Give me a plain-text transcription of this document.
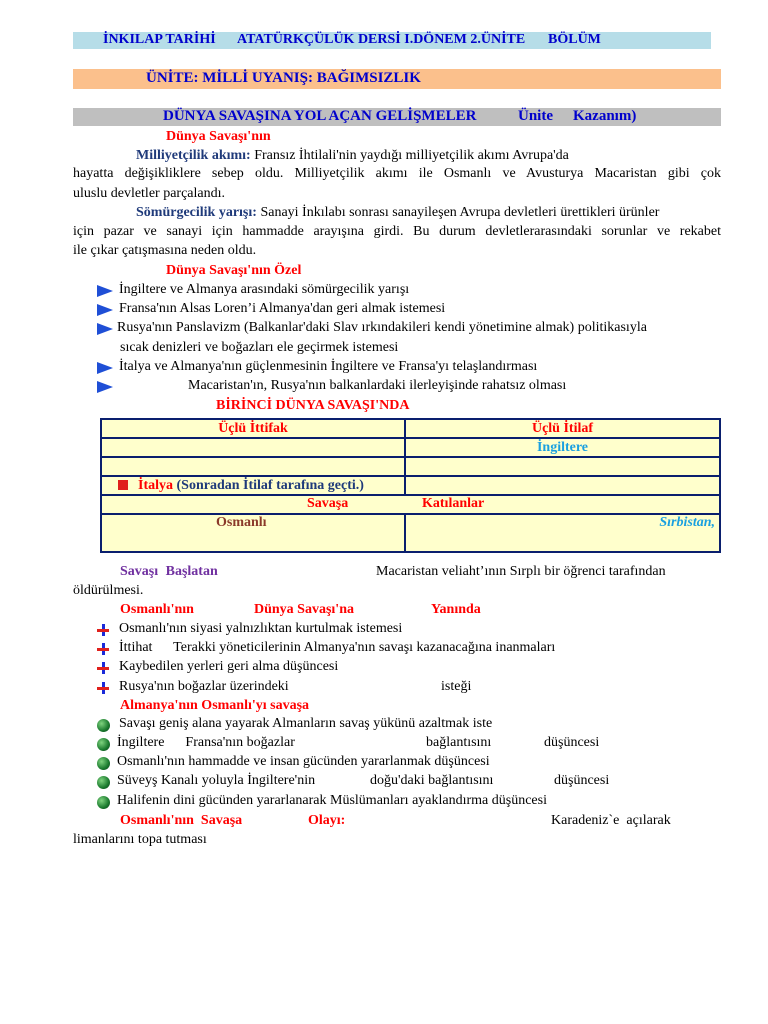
İNKILAP TARİHİ ATATÜRKÇÜLÜK DERSİ I.DÖNEM 2.ÜNİTE BÖLÜM
ÜNİTE: MİLLİ UYANIŞ: BAĞIMSIZLIK
DÜNYA SAVAŞINA YOL AÇAN GELİŞMELER	Ünite Kazanım)
Dünya Savaşı'nın
Milliyetçilik akımı: Fransız İhtilali'nin yaydığı milliyetçilik akımı Avrupa'da
hayatta değişikliklere sebep oldu. Milliyetçilik akımı ile Osmanlı ve Avusturya Macaristan gibi çok
uluslu devletler parçalandı.
Sömürgecilik yarışı: Sanayi İnkılabı sonrası sanayileşen Avrupa devletleri ürettikleri ürünler
için pazar ve sanayi için hammadde arayışına girdi. Bu durum devletlerarasındaki sorunlar ve rekabet
ile çıkar çatışmasına neden oldu.
Dünya Savaşı'nın Özel
İngiltere ve Almanya arasındaki sömürgecilik yarışı
Fransa'nın Alsas Loren’i Almanya'dan geri almak istemesi
Rusya'nın Panslavizm (Balkanlar'daki Slav ırkındakileri kendi yönetimine almak) politikasıyla
sıcak denizleri ve boğazları ele geçirmek istemesi
İtalya ve Almanya'nın güçlenmesinin İngiltere ve Fransa'yı telaşlandırması
Macaristan'ın, Rusya'nın balkanlardaki ilerleyişinde rahatsız olması
BİRİNCİ DÜNYA SAVAŞI'NDA
Üçlü İttifak	Üçlü İtilaf
	İngiltere

İtalya (Sonradan İtilaf tarafına geçti.)	

Savaşa Katılanlar	

Osmanlı	Sırbistan,
Savaşı Başlatan	Macaristan veliaht’ının Sırplı bir öğrenci tarafından
öldürülmesi.
Osmanlı'nın	Dünya Savaşı'na	Yanında
Osmanlı'nın siyasi yalnızlıktan kurtulmak istemesi
İttihat      Terakki yöneticilerinin Almanya'nın savaşı kazanacağına inanmaları
Kaybedilen yerleri geri alma düşüncesi
Rusya'nın boğazlar üzerindeki	isteği
Almanya'nın Osmanlı'yı savaşa
Savaşı geniş alana yayarak Almanların savaş yükünü azaltmak iste
İngiltere      Fransa'nın boğazlar	bağlantısını	düşüncesi
Osmanlı'nın hammadde ve insan gücünden yararlanmak düşüncesi
Süveyş Kanalı yoluyla İngiltere'nin	doğu'daki bağlantısını	düşüncesi
Halifenin dini gücünden yararlanarak Müslümanları ayaklandırma düşüncesi
Osmanlı'nın  Savaşa	Olayı:	Karadeniz`e  açılarak
limanlarını topa tutması
